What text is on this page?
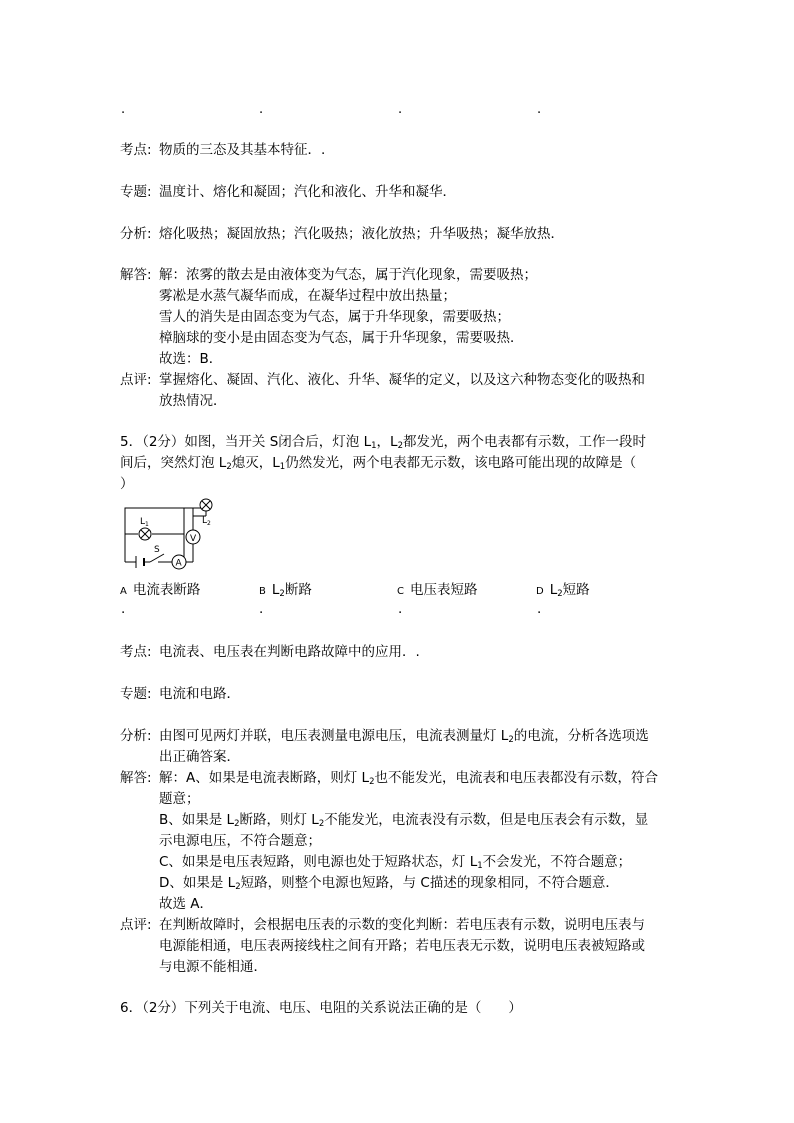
.	.	.	.
考点: 物质的三态及其基本特征．.
专题: 温度计、熔化和凝固；汽化和液化、升华和凝华．
分析: 熔化吸热；凝固放热；汽化吸热；液化放热；升华吸热；凝华放热．
解答: 解：浓雾的散去是由液体变为气态，属于汽化现象，需要吸热；
雾凇是水蒸气凝华而成，在凝华过程中放出热量；
雪人的消失是由固态变为气态，属于升华现象，需要吸热；
樟脑球的变小是由固态变为气态，属于升华现象，需要吸热．
故选：B．
点评: 掌握熔化、凝固、汽化、液化、升华、凝华的定义，以及这六种物态变化的吸热和
放热情况．
5．（2分）如图，当开关 S闭合后，灯泡 $L_1$，$L_2$都发光，两个电表都有示数，工作一段时
间后，突然灯泡 $L_2$熄灭，$L_1$仍然发光，两个电表都无示数，该电路可能出现的故障是（
）
$L_1$	$L_2$
V
A
S
A 电流表断路	B $L_2$断路	C 电压表短路	D $L_2$短路
.	.	.	.
考点: 电流表、电压表在判断电路故障中的应用．.
专题: 电流和电路．
分析: 由图可见两灯并联，电压表测量电源电压，电流表测量灯 $L_2$的电流，分析各选项选
出正确答案．
解答: 解：A、如果是电流表断路，则灯 $L_2$也不能发光，电流表和电压表都没有示数，符合
题意；
B、如果是 $L_2$断路，则灯 $L_2$不能发光，电流表没有示数，但是电压表会有示数，显
示电源电压，不符合题意；
C、如果是电压表短路，则电源也处于短路状态，灯 $L_1$不会发光，不符合题意；
D、如果是 $L_2$短路，则整个电源也短路，与 C描述的现象相同，不符合题意．
故选 A．
点评: 在判断故障时，会根据电压表的示数的变化判断：若电压表有示数，说明电压表与
电源能相通，电压表两接线柱之间有开路；若电压表无示数，说明电压表被短路或
与电源不能相通．
6．（2分）下列关于电流、电压、电阻的关系说法正确的是（　　）
